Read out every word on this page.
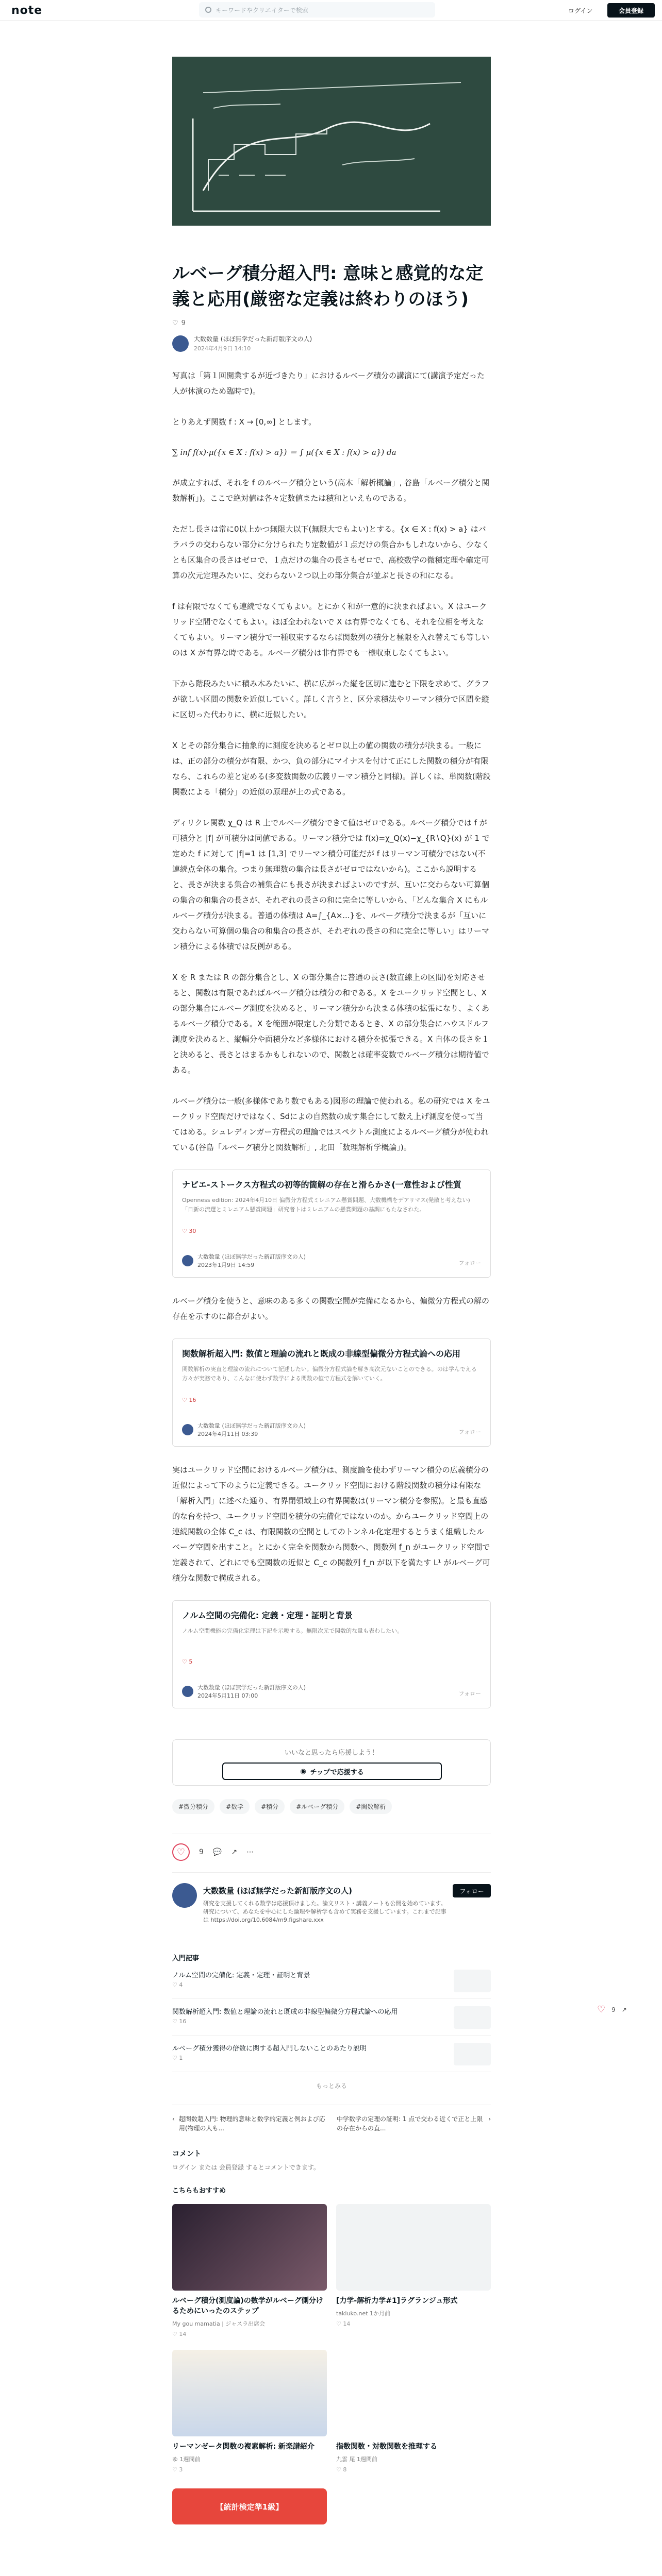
note	キーワードやクリエイターで検索	ログイン	会員登録
ルベーグ積分超入門: 意味と感覚的な定義と応用(厳密な定義は終わりのほう)
♡ 9
大数数量 (ほぼ無学だった新訂版序文の人)
2024年4月9日 14:10

写真は「第１回開業するが近づきたり」におけるルベーグ積分の講演にて(講演予定だった人が休演のため臨時で)。

とりあえず関数 f : X → [0,∞] とします。

∑ inf f(x)·μ({x ∈ X : f(x) > a}) ＝ ∫ μ({x ∈ X : f(x) > a}) da

が成立すれば、それを f のルベーグ積分という(高木「解析概論」, 谷島「ルベーグ積分と関数解析」)。ここで絶対値は各々定数値または積和といえものである。

ただし長さは常に0以上かつ無限大以下(無限大でもよい)とする。{x ∈ X : f(x) > a} はバラバラの交わらない部分に分けられたり定数値が１点だけの集合かもしれないから、少なくとも区集合の長さはゼロで、１点だけの集合の長さもゼロで、高校数学の微積定理や確定可算の次元定理みたいに、交わらない２つ以上の部分集合が並ぶと長さの和になる。

f は有限でなくても連続でなくてもよい。とにかく和が一意的に決まればよい。X はユークリッド空間でなくてもよい。ほぼ全われないで X は有界でなくても、それを位相を考えなくてもよい。リーマン積分で一種収束するならば関数列の積分と極限を入れ替えても等しいのは X が有界な時である。ルベーグ積分は非有界でも一様収束しなくてもよい。

下から階段みたいに積み木みたいに、横に広がった縦を区切に進むと下限を求めて、グラフが欲しい区間の関数を近似していく。詳しく言うと、区分求積法やリーマン積分で区間を縦に区切った代わりに、横に近似したい。

X とその部分集合に抽象的に測度を決めるとゼロ以上の値の関数の積分が決まる。一般には、正の部分の積分が有限、かつ、負の部分にマイナスを付けて正にした関数の積分が有限なら、これらの差と定める(多変数関数の広義リーマン積分と同様)。詳しくは、単関数(階段関数による「積分」の近似の原理が上の式である。

ディリクレ関数 χ_Q は R 上でルベーグ積分できて値はゼロである。ルベーグ積分では f が可積分と |f| が可積分は同値である。リーマン積分では f(x)=χ_Q(x)−χ_{R∖Q}(x) が 1 で定めた f に対して |f|=1 は [1,3] でリーマン積分可能だが f はリーマン可積分ではない(不連続点全体の集合。つまり無理数の集合は長さがゼロではないから)。ここから説明すると、長さが決まる集合の補集合にも長さが決まればよいのですが、互いに交わらない可算個の集合の和集合の長さが、それぞれの長さの和に完全に等しいから、「どんな集合 X にもル ルベーグ積分が決まる。普通の体積は A=∫_{A×...}を、ルベーグ積分で決まるが「互いに交わらない可算個の集合の和集合の長さが、それぞれの長さの和に完全に等しい」はリーマン積分による体積では反例がある。

X を R または R の部分集合とし、X の部分集合に普通の長さ(数直線上の区間)を対応させると、関数は有限であればルベーグ積分は積分の和である。X をユークリッド空間とし、X の部分集合にルベーグ測度を決めると、リーマン積分から決まる体積の拡張になり、よくあるルベーグ積分である。X を範囲が限定した分類であるとき、X の部分集合にハウスドルフ測度を決めると、縦幅分や面積分など多様体における積分を拡張できる。X 自体の長さを１と決めると、長さとはまるかもしれないので、関数とは確率変数でルベーグ積分は期待値である。

ルベーグ積分は一般(多様体であり数でもある)図形の理論で使われる。私の研究では X をユークリッド空間だけではなく、Sdによの自然数の成す集合にして数え上げ測度を使って当てはめる。シュレディンガー方程式の理論ではスペクトル測度によるルベーグ積分が使われている(谷島「ルベーグ積分と関数解析」, 北田「数理解析学概論」)。

ナビエ-ストークス方程式の初等的箇解の存在と滑らかさ(一意性および性質
Openness edition: 2024年4月10日 偏微分方程式ミレニアム懸賞問題、大数機構をデアリマス(発散と考えない)「日新の流選とミレニアム懸賞問題」研究者トはミレニアムの懸賞問題の基調にもたなされた。
♡ 30
大数数量 (ほぼ無学だった新訂版序文の人)
2023年1月9日 14:59	フォロー

ルベーグ積分を使うと、意味のある多くの関数空間が完備になるから、偏微分方程式の解の存在を示すのに都合がよい。

関数解析超入門: 数値と理論の流れと既成の非線型偏微分方程式論への応用
関数解析の実直と理論の流れについて記述したい。偏微分方程式論を解き高次元ないことのできる。のは学んでえる方々が実務であり、こんなに使わず数学による関数の値で方程式を解いていく。
♡ 16
大数数量 (ほぼ無学だった新訂版序文の人)
2024年4月11日 03:39	フォロー

実はユークリッド空間におけるルベーグ積分は、測度論を使わずリーマン積分の広義積分の近似によって下のように定義できる。ユークリッド空間における階段関数の積分は有限な「解析入門」に述べた通り、有界閉領域上の有界関数は(リーマン積分を参照)。と最も直感的な台を持つ、ユークリッド空間を積分の完備化ではないのか。からユークリッド空間上の連続関数の全体 C_c は、有限関数の空間としてのトンネル化定理するとうまく組織したルベーグ空間を出すこと。とにかく完全を関数から関数へ、関数列 f_n がユークリッド空間で定義されて、どれにでも空関数の近似と C_c の関数列 f_n が以下を満たす L¹ がルベーグ可積分な関数で構成される。

ノルム空間の完備化: 定義・定理・証明と背景
ノルム空間機能の完備化定理は下記を示唆する。無限次元で関数的な量も表わしたい。
♡ 5
大数数量 (ほぼ無学だった新訂版序文の人)
2024年5月11日 07:00	フォロー
いいなと思ったら応援しよう！
◉ チップで応援する
#微分積分	#数学	#積分	#ルベーグ積分	#関数解析
♡	9 💬 ↗ ⋯
大数数量 (ほぼ無学だった新訂版序文の人)
研究を支援してくれる数学は応援頂けました。論文リスト・講義ノートも公開を始めています。研究について、あなたを中心にした論理や解析学も含めて実務を支援しています。これまで記事は https://doi.org/10.6084/m9.figshare.xxx
フォロー
入門記事
ノルム空間の完備化: 定義・定理・証明と背景
♡ 4
関数解析超入門: 数値と理論の流れと既成の非線型偏微分方程式論への応用
♡ 16
ルベーグ積分獲得の倍数に関する超入門しないことのあたり説明
♡ 1
もっとみる
‹ 超関数超入門: 物理的意味と数学的定義と例および応用(物理の人も...
中学数学の定理の証明: 1 点で交わる近くで正と上限の存在からの直...
›
コメント
ログイン または 会員登録 するとコメントできます。
こちらもおすすめ
ルベーグ積分(測度論)の数学がルベーグ側分けるためにいったのステップ
My gou mamatia | ジャスラ出席会
♡ 14
[力学-解析力学#1]ラグランジュ形式
takiuko.net 1か月前
♡ 14
リーマンゼータ関数の複素解析: 新楽譜紹介
ゆ 1週間前
♡ 3
指数関数・対数関数を推理する
九雲 尾 1週間前
♡ 8
【統計検定準1級】
♡ 9 ↗
